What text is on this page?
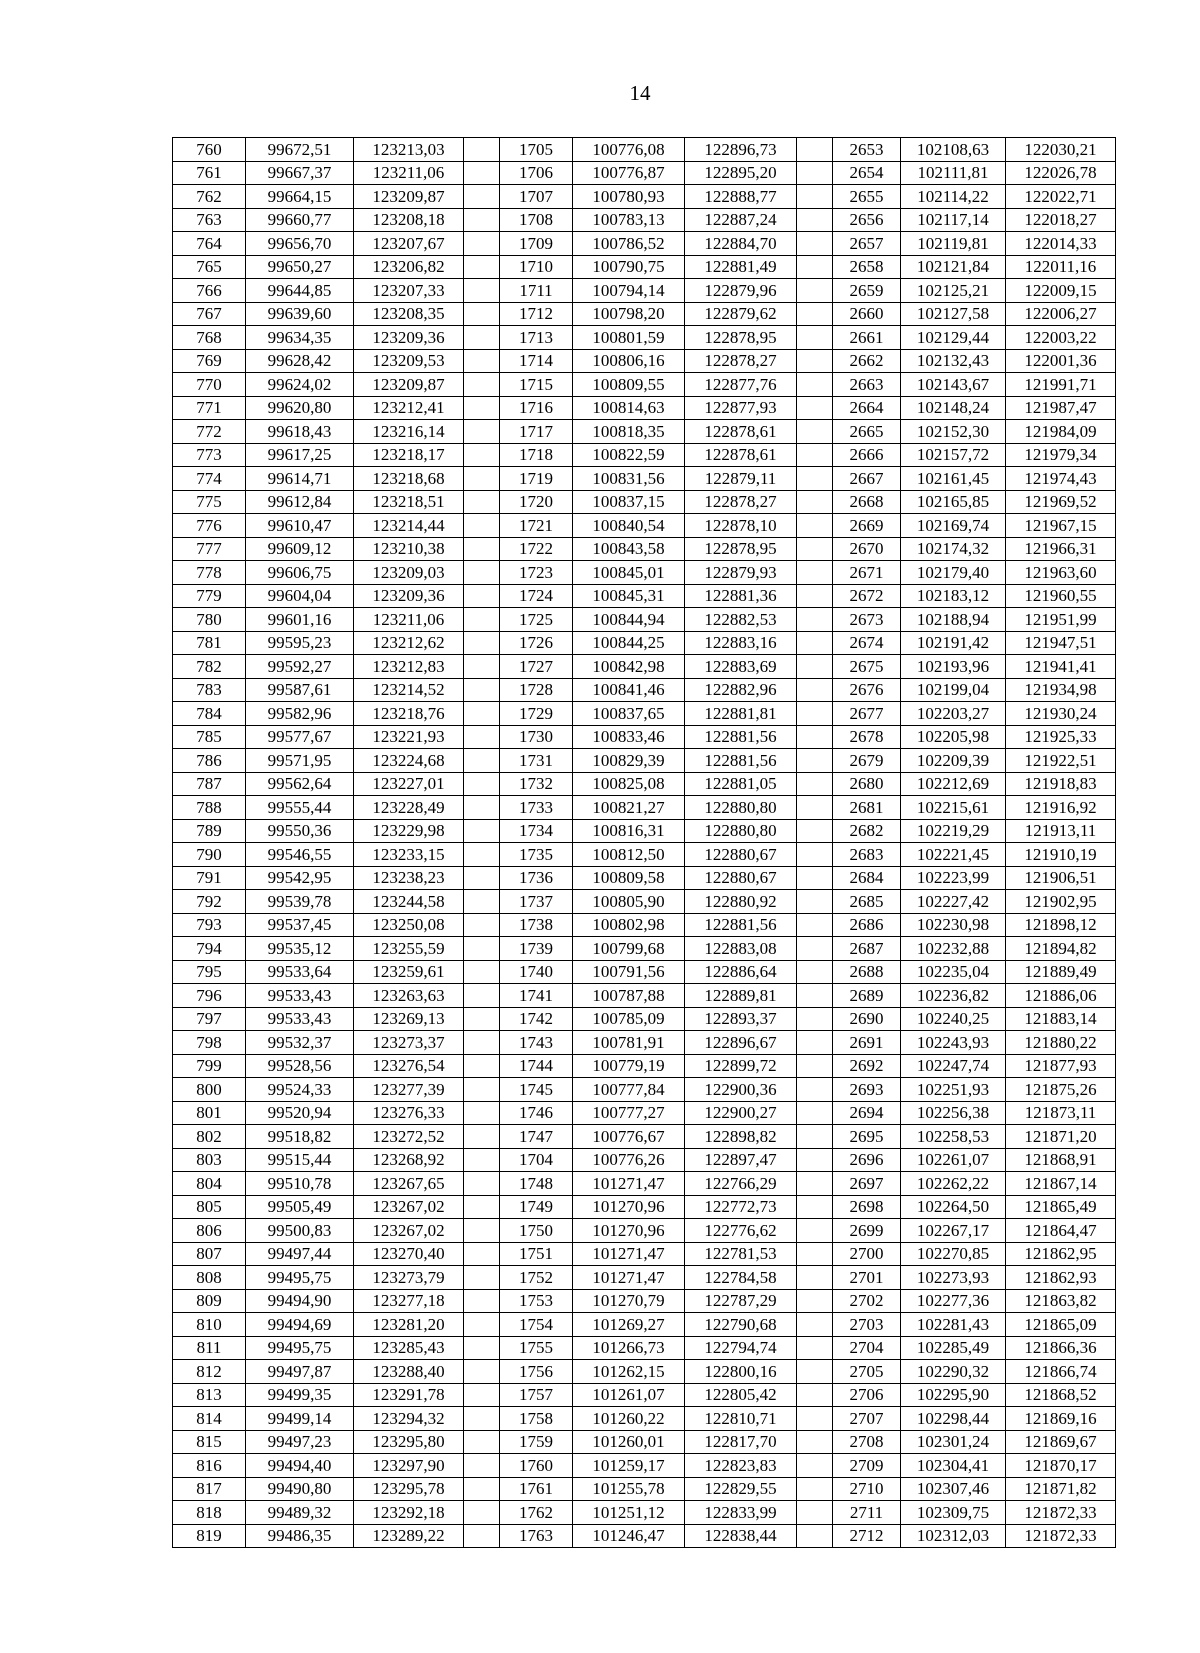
14
760	99672,51	123213,03		1705	100776,08	122896,73		2653	102108,63	122030,21
761	99667,37	123211,06		1706	100776,87	122895,20		2654	102111,81	122026,78
762	99664,15	123209,87		1707	100780,93	122888,77		2655	102114,22	122022,71
763	99660,77	123208,18		1708	100783,13	122887,24		2656	102117,14	122018,27
764	99656,70	123207,67		1709	100786,52	122884,70		2657	102119,81	122014,33
765	99650,27	123206,82		1710	100790,75	122881,49		2658	102121,84	122011,16
766	99644,85	123207,33		1711	100794,14	122879,96		2659	102125,21	122009,15
767	99639,60	123208,35		1712	100798,20	122879,62		2660	102127,58	122006,27
768	99634,35	123209,36		1713	100801,59	122878,95		2661	102129,44	122003,22
769	99628,42	123209,53		1714	100806,16	122878,27		2662	102132,43	122001,36
770	99624,02	123209,87		1715	100809,55	122877,76		2663	102143,67	121991,71
771	99620,80	123212,41		1716	100814,63	122877,93		2664	102148,24	121987,47
772	99618,43	123216,14		1717	100818,35	122878,61		2665	102152,30	121984,09
773	99617,25	123218,17		1718	100822,59	122878,61		2666	102157,72	121979,34
774	99614,71	123218,68		1719	100831,56	122879,11		2667	102161,45	121974,43
775	99612,84	123218,51		1720	100837,15	122878,27		2668	102165,85	121969,52
776	99610,47	123214,44		1721	100840,54	122878,10		2669	102169,74	121967,15
777	99609,12	123210,38		1722	100843,58	122878,95		2670	102174,32	121966,31
778	99606,75	123209,03		1723	100845,01	122879,93		2671	102179,40	121963,60
779	99604,04	123209,36		1724	100845,31	122881,36		2672	102183,12	121960,55
780	99601,16	123211,06		1725	100844,94	122882,53		2673	102188,94	121951,99
781	99595,23	123212,62		1726	100844,25	122883,16		2674	102191,42	121947,51
782	99592,27	123212,83		1727	100842,98	122883,69		2675	102193,96	121941,41
783	99587,61	123214,52		1728	100841,46	122882,96		2676	102199,04	121934,98
784	99582,96	123218,76		1729	100837,65	122881,81		2677	102203,27	121930,24
785	99577,67	123221,93		1730	100833,46	122881,56		2678	102205,98	121925,33
786	99571,95	123224,68		1731	100829,39	122881,56		2679	102209,39	121922,51
787	99562,64	123227,01		1732	100825,08	122881,05		2680	102212,69	121918,83
788	99555,44	123228,49		1733	100821,27	122880,80		2681	102215,61	121916,92
789	99550,36	123229,98		1734	100816,31	122880,80		2682	102219,29	121913,11
790	99546,55	123233,15		1735	100812,50	122880,67		2683	102221,45	121910,19
791	99542,95	123238,23		1736	100809,58	122880,67		2684	102223,99	121906,51
792	99539,78	123244,58		1737	100805,90	122880,92		2685	102227,42	121902,95
793	99537,45	123250,08		1738	100802,98	122881,56		2686	102230,98	121898,12
794	99535,12	123255,59		1739	100799,68	122883,08		2687	102232,88	121894,82
795	99533,64	123259,61		1740	100791,56	122886,64		2688	102235,04	121889,49
796	99533,43	123263,63		1741	100787,88	122889,81		2689	102236,82	121886,06
797	99533,43	123269,13		1742	100785,09	122893,37		2690	102240,25	121883,14
798	99532,37	123273,37		1743	100781,91	122896,67		2691	102243,93	121880,22
799	99528,56	123276,54		1744	100779,19	122899,72		2692	102247,74	121877,93
800	99524,33	123277,39		1745	100777,84	122900,36		2693	102251,93	121875,26
801	99520,94	123276,33		1746	100777,27	122900,27		2694	102256,38	121873,11
802	99518,82	123272,52		1747	100776,67	122898,82		2695	102258,53	121871,20
803	99515,44	123268,92		1704	100776,26	122897,47		2696	102261,07	121868,91
804	99510,78	123267,65		1748	101271,47	122766,29		2697	102262,22	121867,14
805	99505,49	123267,02		1749	101270,96	122772,73		2698	102264,50	121865,49
806	99500,83	123267,02		1750	101270,96	122776,62		2699	102267,17	121864,47
807	99497,44	123270,40		1751	101271,47	122781,53		2700	102270,85	121862,95
808	99495,75	123273,79		1752	101271,47	122784,58		2701	102273,93	121862,93
809	99494,90	123277,18		1753	101270,79	122787,29		2702	102277,36	121863,82
810	99494,69	123281,20		1754	101269,27	122790,68		2703	102281,43	121865,09
811	99495,75	123285,43		1755	101266,73	122794,74		2704	102285,49	121866,36
812	99497,87	123288,40		1756	101262,15	122800,16		2705	102290,32	121866,74
813	99499,35	123291,78		1757	101261,07	122805,42		2706	102295,90	121868,52
814	99499,14	123294,32		1758	101260,22	122810,71		2707	102298,44	121869,16
815	99497,23	123295,80		1759	101260,01	122817,70		2708	102301,24	121869,67
816	99494,40	123297,90		1760	101259,17	122823,83		2709	102304,41	121870,17
817	99490,80	123295,78		1761	101255,78	122829,55		2710	102307,46	121871,82
818	99489,32	123292,18		1762	101251,12	122833,99		2711	102309,75	121872,33
819	99486,35	123289,22		1763	101246,47	122838,44		2712	102312,03	121872,33
